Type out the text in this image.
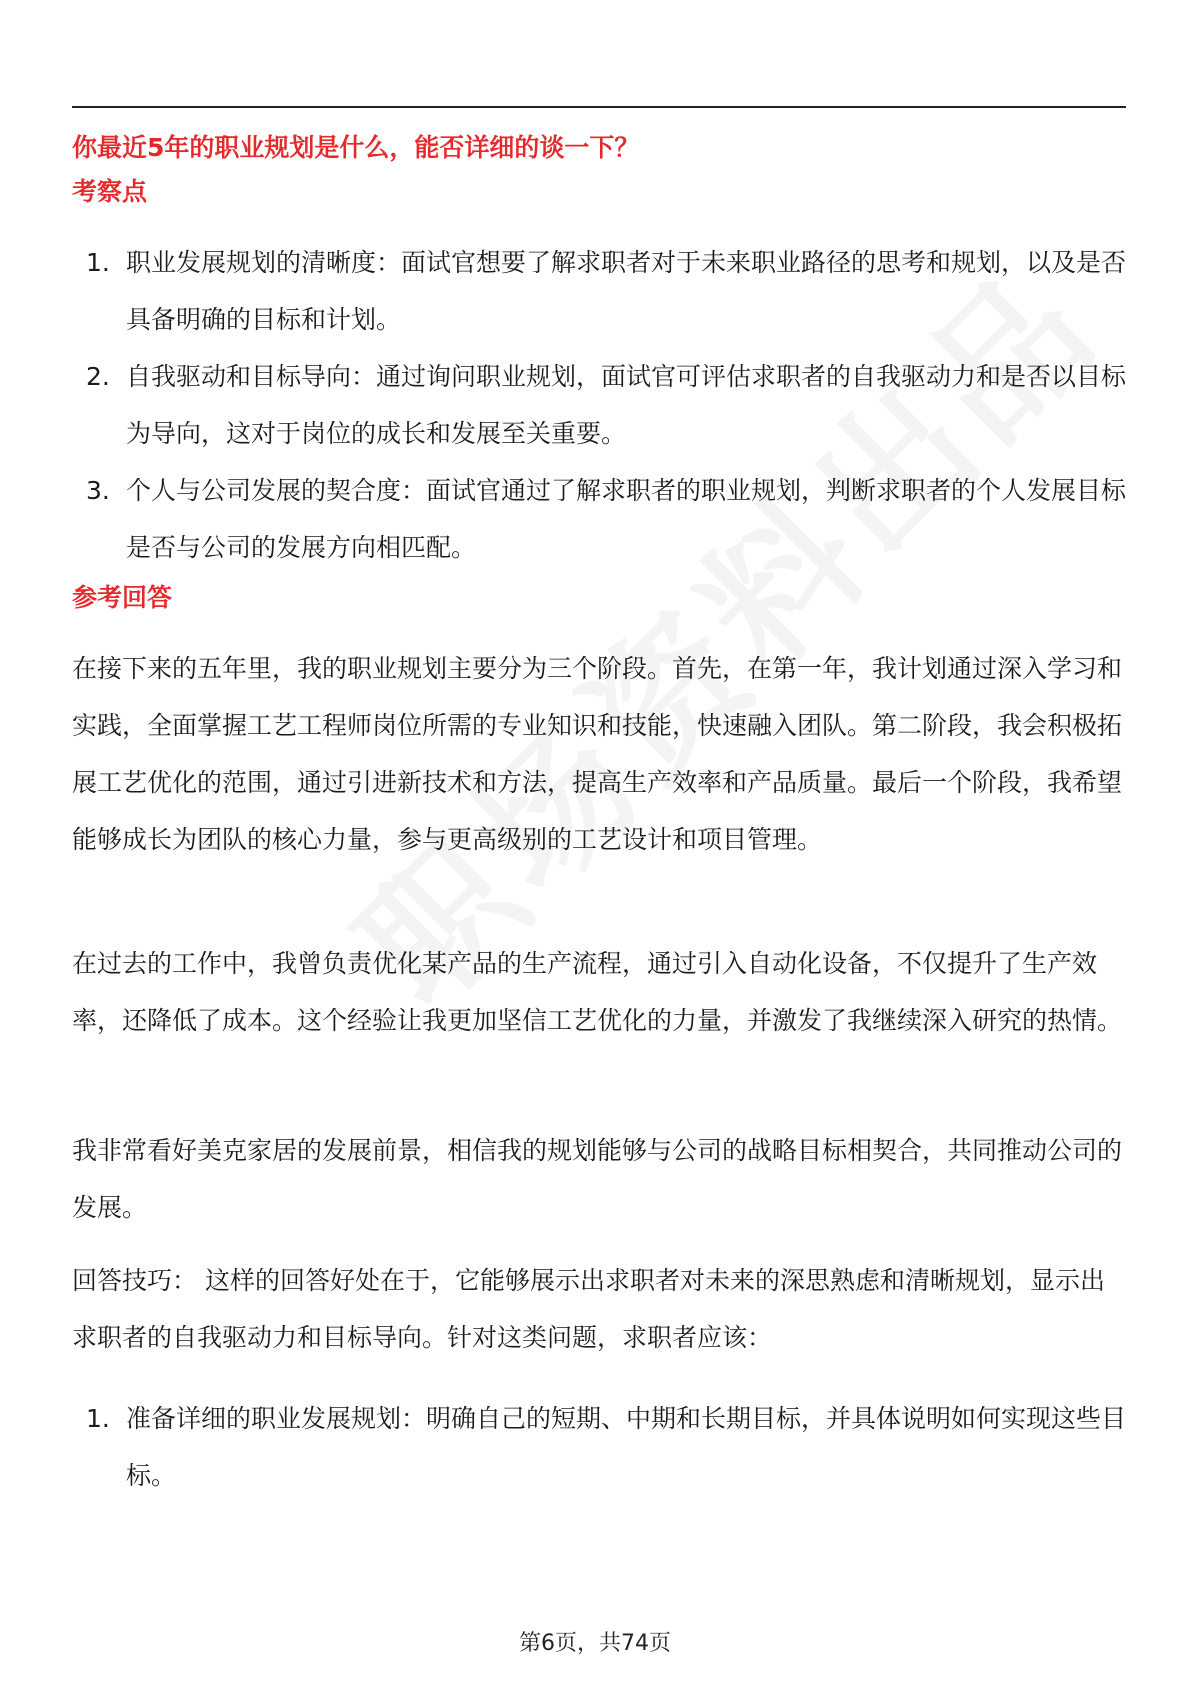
你最近5年的职业规划是什么，能否详细的谈一下？
考察点
1. 职业发展规划的清晰度：面试官想要了解求职者对于未来职业路径的思考和规划，以及是否具备明确的目标和计划。
2. 自我驱动和目标导向：通过询问职业规划，面试官可评估求职者的自我驱动力和是否以目标为导向，这对于岗位的成长和发展至关重要。
3. 个人与公司发展的契合度：面试官通过了解求职者的职业规划，判断求职者的个人发展目标是否与公司的发展方向相匹配。
参考回答

在接下来的五年里，我的职业规划主要分为三个阶段。首先，在第一年，我计划通过深入学习和实践，全面掌握工艺工程师岗位所需的专业知识和技能，快速融入团队。第二阶段，我会积极拓展工艺优化的范围，通过引进新技术和方法，提高生产效率和产品质量。最后一个阶段，我希望能够成长为团队的核心力量，参与更高级别的工艺设计和项目管理。

在过去的工作中，我曾负责优化某产品的生产流程，通过引入自动化设备，不仅提升了生产效率，还降低了成本。这个经验让我更加坚信工艺优化的力量，并激发了我继续深入研究的热情。

我非常看好美克家居的发展前景，相信我的规划能够与公司的战略目标相契合，共同推动公司的发展。

回答技巧： 这样的回答好处在于，它能够展示出求职者对未来的深思熟虑和清晰规划，显示出求职者的自我驱动力和目标导向。针对这类问题，求职者应该：

1. 准备详细的职业发展规划：明确自己的短期、中期和长期目标，并具体说明如何实现这些目标。
第6页，共74页
